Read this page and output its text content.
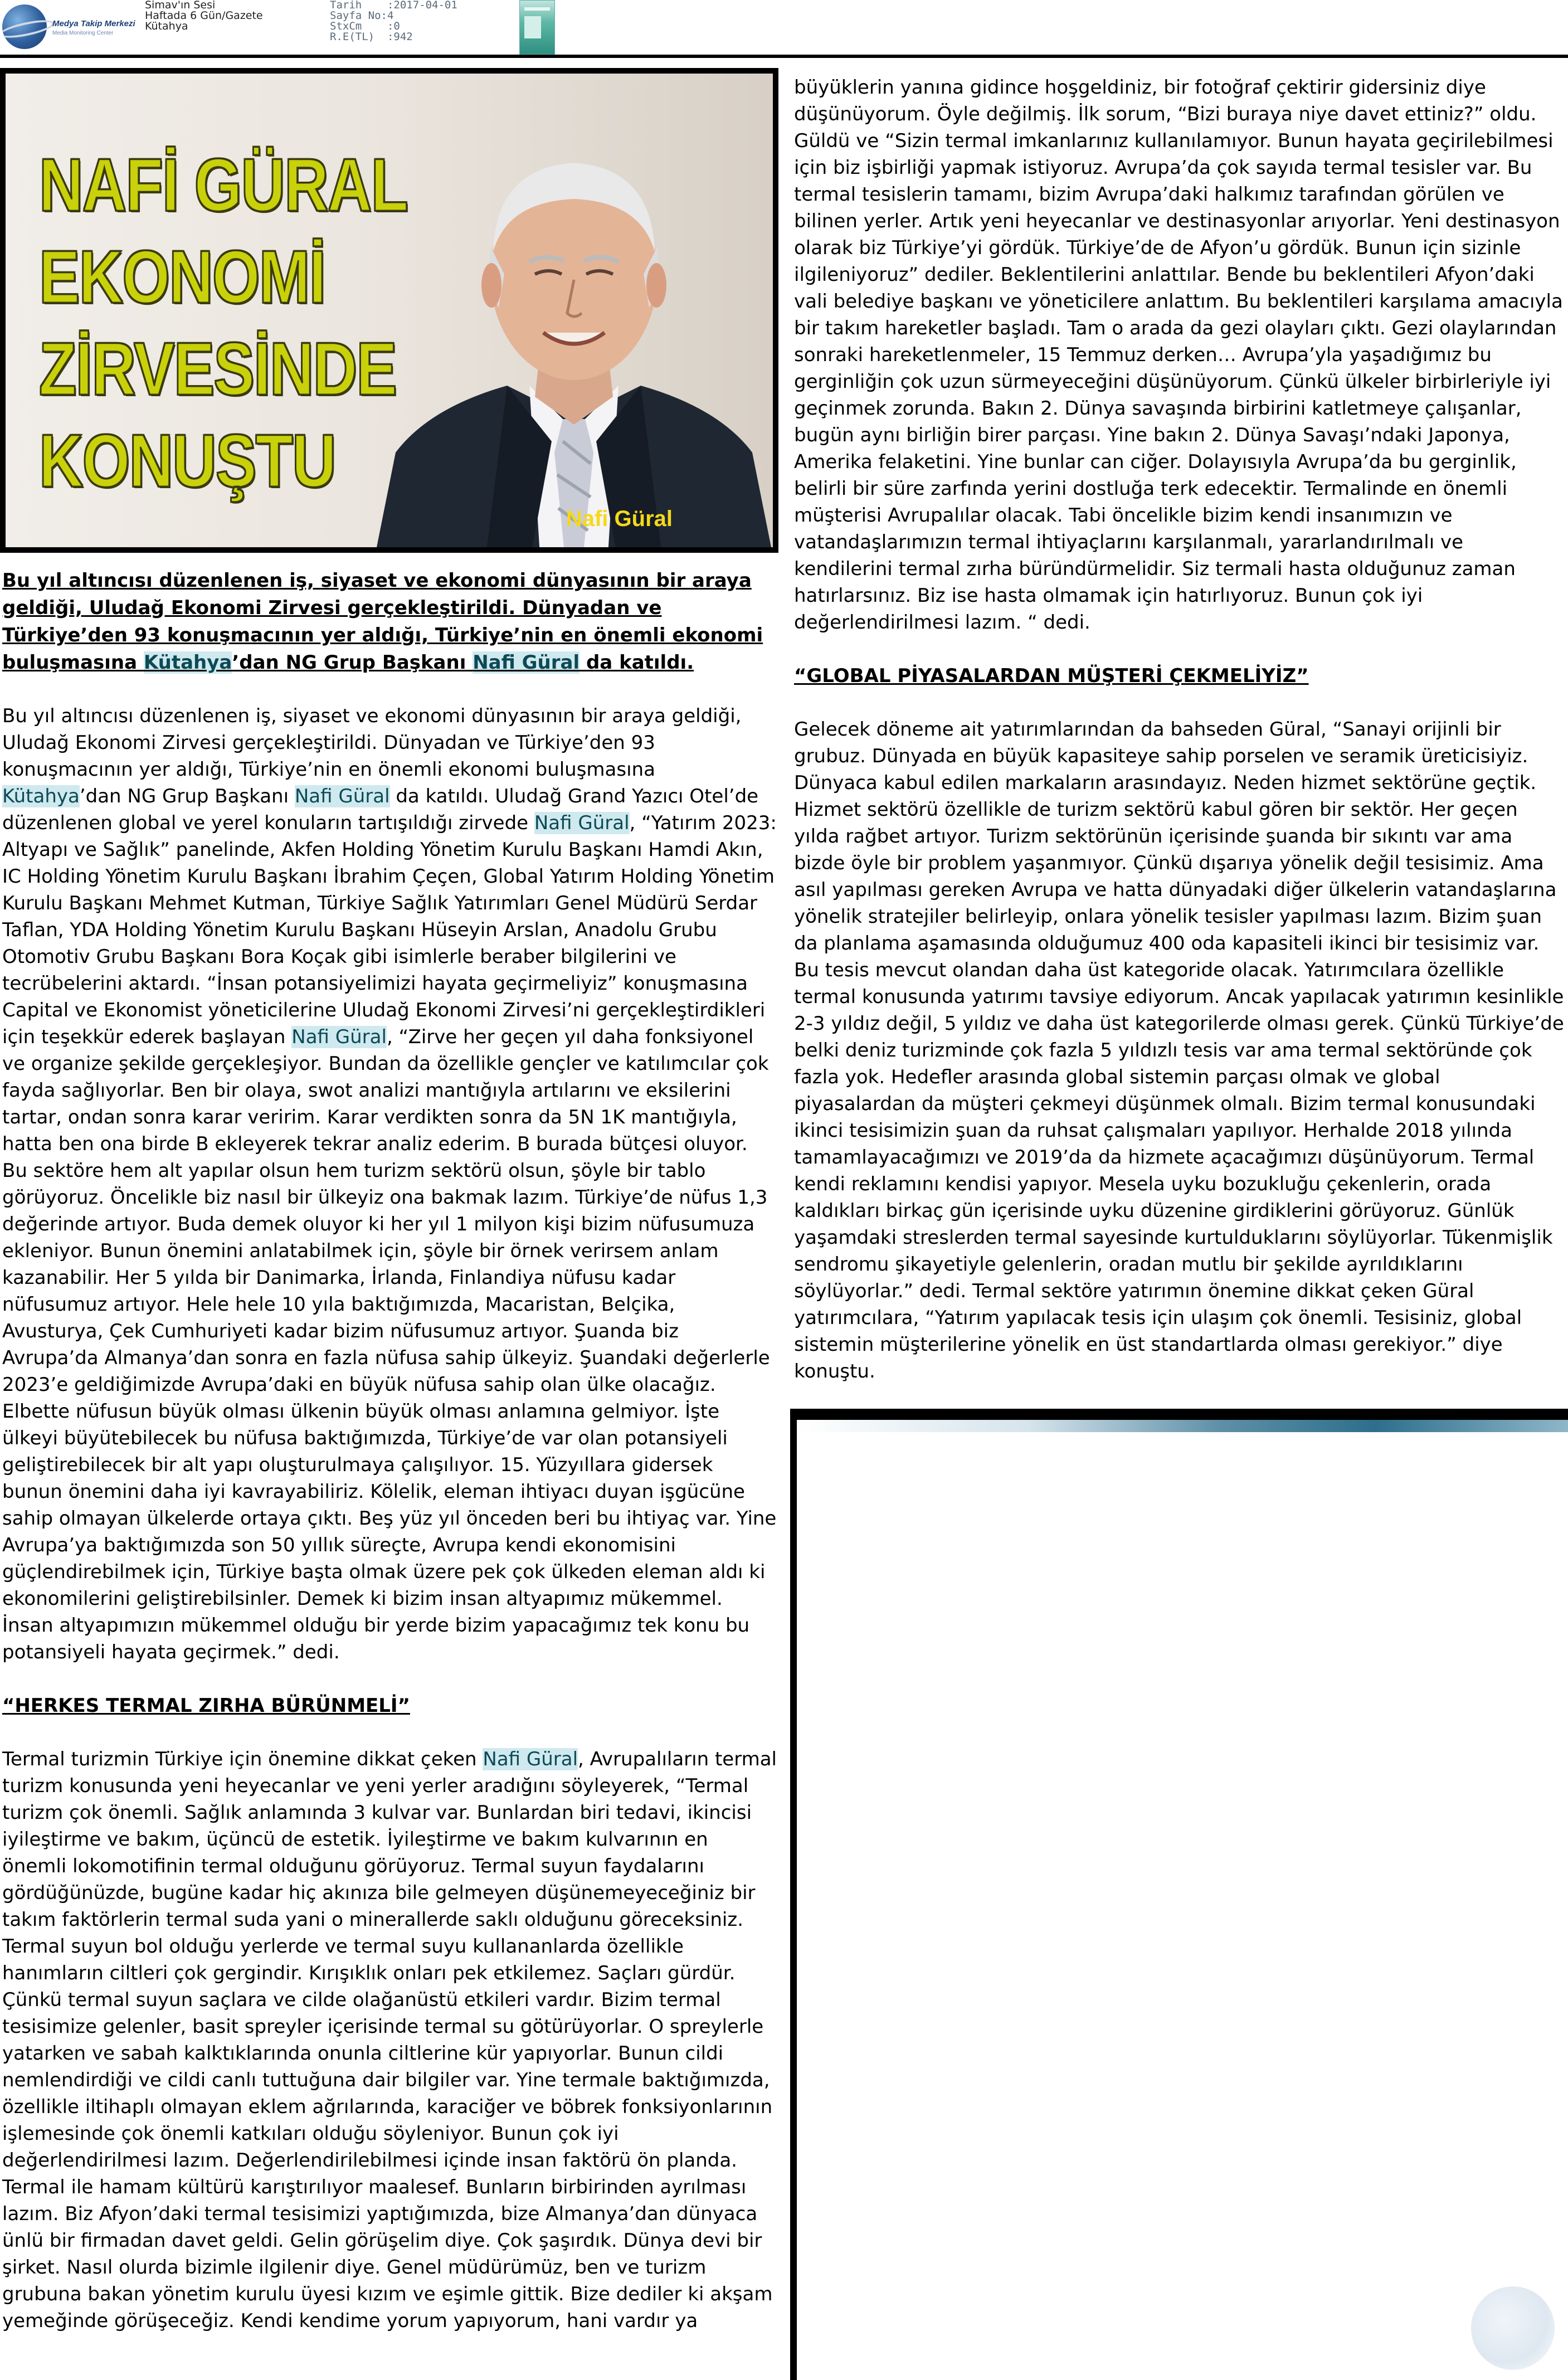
Medya Takip Merkezi
Media Monitoring Center
Simav'ın Sesi
Haftada 6 Gün/Gazete
Kütahya
Tarih    :2017-04-01
Sayfa No:4
StxCm    :0
R.E(TL)  :942
NAFİ GÜRAL
EKONOMİ
ZİRVESİNDE
KONUŞTU
Nafi Güral
Bu yıl altıncısı düzenlenen iş, siyaset ve ekonomi dünyasının bir araya geldiği, Uludağ Ekonomi Zirvesi gerçekleştirildi. Dünyadan ve Türkiye’den 93 konuşmacının yer aldığı, Türkiye’nin en önemli ekonomi buluşmasına Kütahya’dan NG Grup Başkanı Nafi Güral da katıldı.
Bu yıl altıncısı düzenlenen iş, siyaset ve ekonomi dünyasının bir araya geldiği, Uludağ Ekonomi Zirvesi gerçekleştirildi. Dünyadan ve Türkiye’den 93 konuşmacının yer aldığı, Türkiye’nin en önemli ekonomi buluşmasına Kütahya’dan NG Grup Başkanı Nafi Güral da katıldı. Uludağ Grand Yazıcı Otel’de düzenlenen global ve yerel konuların tartışıldığı zirvede Nafi Güral, “Yatırım 2023: Altyapı ve Sağlık” panelinde, Akfen Holding Yönetim Kurulu Başkanı Hamdi Akın, IC Holding Yönetim Kurulu Başkanı İbrahim Çeçen, Global Yatırım Holding Yönetim Kurulu Başkanı Mehmet Kutman, Türkiye Sağlık Yatırımları Genel Müdürü Serdar Taflan, YDA Holding Yönetim Kurulu Başkanı Hüseyin Arslan, Anadolu Grubu Otomotiv Grubu Başkanı Bora Koçak gibi isimlerle beraber bilgilerini ve tecrübelerini aktardı. “İnsan potansiyelimizi hayata geçirmeliyiz” konuşmasına Capital ve Ekonomist yöneticilerine Uludağ Ekonomi Zirvesi’ni gerçekleştirdikleri için teşekkür ederek başlayan Nafi Güral, “Zirve her geçen yıl daha fonksiyonel ve organize şekilde gerçekleşiyor. Bundan da özellikle gençler ve katılımcılar çok fayda sağlıyorlar. Ben bir olaya, swot analizi mantığıyla artılarını ve eksilerini tartar, ondan sonra karar veririm. Karar verdikten sonra da 5N 1K mantığıyla, hatta ben ona birde B ekleyerek tekrar analiz ederim. B burada bütçesi oluyor. Bu sektöre hem alt yapılar olsun hem turizm sektörü olsun, şöyle bir tablo görüyoruz. Öncelikle biz nasıl bir ülkeyiz ona bakmak lazım. Türkiye’de nüfus 1,3 değerinde artıyor. Buda demek oluyor ki her yıl 1 milyon kişi bizim nüfusumuza ekleniyor. Bunun önemini anlatabilmek için, şöyle bir örnek verirsem anlam kazanabilir. Her 5 yılda bir Danimarka, İrlanda, Finlandiya nüfusu kadar nüfusumuz artıyor. Hele hele 10 yıla baktığımızda, Macaristan, Belçika, Avusturya, Çek Cumhuriyeti kadar bizim nüfusumuz artıyor. Şuanda biz Avrupa’da Almanya’dan sonra en fazla nüfusa sahip ülkeyiz. Şuandaki değerlerle 2023’e geldiğimizde Avrupa’daki en büyük nüfusa sahip olan ülke olacağız. Elbette nüfusun büyük olması ülkenin büyük olması anlamına gelmiyor. İşte ülkeyi büyütebilecek bu nüfusa baktığımızda, Türkiye’de var olan potansiyeli geliştirebilecek bir alt yapı oluşturulmaya çalışılıyor. 15. Yüzyıllara gidersek bunun önemini daha iyi kavrayabiliriz. Kölelik, eleman ihtiyacı duyan işgücüne sahip olmayan ülkelerde ortaya çıktı. Beş yüz yıl önceden beri bu ihtiyaç var. Yine Avrupa’ya baktığımızda son 50 yıllık süreçte, Avrupa kendi ekonomisini güçlendirebilmek için, Türkiye başta olmak üzere pek çok ülkeden eleman aldı ki ekonomilerini geliştirebilsinler. Demek ki bizim insan altyapımız mükemmel. İnsan altyapımızın mükemmel olduğu bir yerde bizim yapacağımız tek konu bu potansiyeli hayata geçirmek.” dedi.
“HERKES TERMAL ZIRHA BÜRÜNMELİ”
Termal turizmin Türkiye için önemine dikkat çeken Nafi Güral, Avrupalıların termal turizm konusunda yeni heyecanlar ve yeni yerler aradığını söyleyerek, “Termal turizm çok önemli. Sağlık anlamında 3 kulvar var. Bunlardan biri tedavi, ikincisi iyileştirme ve bakım, üçüncü de estetik. İyileştirme ve bakım kulvarının en önemli lokomotifinin termal olduğunu görüyoruz. Termal suyun faydalarını gördüğünüzde, bugüne kadar hiç akınıza bile gelmeyen düşünemeyeceğiniz bir takım faktörlerin termal suda yani o minerallerde saklı olduğunu göreceksiniz. Termal suyun bol olduğu yerlerde ve termal suyu kullananlarda özellikle hanımların ciltleri çok gergindir. Kırışıklık onları pek etkilemez. Saçları gürdür. Çünkü termal suyun saçlara ve cilde olağanüstü etkileri vardır. Bizim termal tesisimize gelenler, basit spreyler içerisinde termal su götürüyorlar. O spreylerle yatarken ve sabah kalktıklarında onunla ciltlerine kür yapıyorlar. Bunun cildi nemlendirdiği ve cildi canlı tuttuğuna dair bilgiler var. Yine termale baktığımızda, özellikle iltihaplı olmayan eklem ağrılarında, karaciğer ve böbrek fonksiyonlarının işlemesinde çok önemli katkıları olduğu söyleniyor. Bunun çok iyi değerlendirilmesi lazım. Değerlendirilebilmesi içinde insan faktörü ön planda. Termal ile hamam kültürü karıştırılıyor maalesef. Bunların birbirinden ayrılması lazım. Biz Afyon’daki termal tesisimizi yaptığımızda, bize Almanya’dan dünyaca ünlü bir firmadan davet geldi. Gelin görüşelim diye. Çok şaşırdık. Dünya devi bir şirket. Nasıl olurda bizimle ilgilenir diye. Genel müdürümüz, ben ve turizm grubuna bakan yönetim kurulu üyesi kızım ve eşimle gittik. Bize dediler ki akşam yemeğinde görüşeceğiz. Kendi kendime yorum yapıyorum, hani vardır ya
büyüklerin yanına gidince hoşgeldiniz, bir fotoğraf çektirir gidersiniz diye düşünüyorum. Öyle değilmiş. İlk sorum, “Bizi buraya niye davet ettiniz?” oldu. Güldü ve “Sizin termal imkanlarınız kullanılamıyor. Bunun hayata geçirilebilmesi için biz işbirliği yapmak istiyoruz. Avrupa’da çok sayıda termal tesisler var. Bu termal tesislerin tamamı, bizim Avrupa’daki halkımız tarafından görülen ve bilinen yerler. Artık yeni heyecanlar ve destinasyonlar arıyorlar. Yeni destinasyon olarak biz Türkiye’yi gördük. Türkiye’de de Afyon’u gördük. Bunun için sizinle ilgileniyoruz” dediler. Beklentilerini anlattılar. Bende bu beklentileri Afyon’daki vali belediye başkanı ve yöneticilere anlattım. Bu beklentileri karşılama amacıyla bir takım hareketler başladı. Tam o arada da gezi olayları çıktı. Gezi olaylarından sonraki hareketlenmeler, 15 Temmuz derken… Avrupa’yla yaşadığımız bu gerginliğin çok uzun sürmeyeceğini düşünüyorum. Çünkü ülkeler birbirleriyle iyi geçinmek zorunda. Bakın 2. Dünya savaşında birbirini katletmeye çalışanlar, bugün aynı birliğin birer parçası. Yine bakın 2. Dünya Savaşı’ndaki Japonya, Amerika felaketini. Yine bunlar can ciğer. Dolayısıyla Avrupa’da bu gerginlik, belirli bir süre zarfında yerini dostluğa terk edecektir. Termalinde en önemli müşterisi Avrupalılar olacak. Tabi öncelikle bizim kendi insanımızın ve vatandaşlarımızın termal ihtiyaçlarını karşılanmalı, yararlandırılmalı ve kendilerini termal zırha büründürmelidir. Siz termali hasta olduğunuz zaman hatırlarsınız. Biz ise hasta olmamak için hatırlıyoruz. Bunun çok iyi değerlendirilmesi lazım. “ dedi.
“GLOBAL PİYASALARDAN MÜŞTERİ ÇEKMELİYİZ”
Gelecek döneme ait yatırımlarından da bahseden Güral, “Sanayi orijinli bir grubuz. Dünyada en büyük kapasiteye sahip porselen ve seramik üreticisiyiz. Dünyaca kabul edilen markaların arasındayız. Neden hizmet sektörüne geçtik. Hizmet sektörü özellikle de turizm sektörü kabul gören bir sektör. Her geçen yılda rağbet artıyor. Turizm sektörünün içerisinde şuanda bir sıkıntı var ama bizde öyle bir problem yaşanmıyor. Çünkü dışarıya yönelik değil tesisimiz. Ama asıl yapılması gereken Avrupa ve hatta dünyadaki diğer ülkelerin vatandaşlarına yönelik stratejiler belirleyip, onlara yönelik tesisler yapılması lazım. Bizim şuan da planlama aşamasında olduğumuz 400 oda kapasiteli ikinci bir tesisimiz var. Bu tesis mevcut olandan daha üst kategoride olacak. Yatırımcılara özellikle termal konusunda yatırımı tavsiye ediyorum. Ancak yapılacak yatırımın kesinlikle 2-3 yıldız değil, 5 yıldız ve daha üst kategorilerde olması gerek. Çünkü Türkiye’de belki deniz turizminde çok fazla 5 yıldızlı tesis var ama termal sektöründe çok fazla yok. Hedefler arasında global sistemin parçası olmak ve global piyasalardan da müşteri çekmeyi düşünmek olmalı. Bizim termal konusundaki ikinci tesisimizin şuan da ruhsat çalışmaları yapılıyor. Herhalde 2018 yılında tamamlayacağımızı ve 2019’da da hizmete açacağımızı düşünüyorum. Termal kendi reklamını kendisi yapıyor. Mesela uyku bozukluğu çekenlerin, orada kaldıkları birkaç gün içerisinde uyku düzenine girdiklerini görüyoruz. Günlük yaşamdaki streslerden termal sayesinde kurtulduklarını söylüyorlar. Tükenmişlik sendromu şikayetiyle gelenlerin, oradan mutlu bir şekilde ayrıldıklarını söylüyorlar.” dedi. Termal sektöre yatırımın önemine dikkat çeken Güral yatırımcılara, “Yatırım yapılacak tesis için ulaşım çok önemli. Tesisiniz, global sistemin müşterilerine yönelik en üst standartlarda olması gerekiyor.” diye konuştu.
